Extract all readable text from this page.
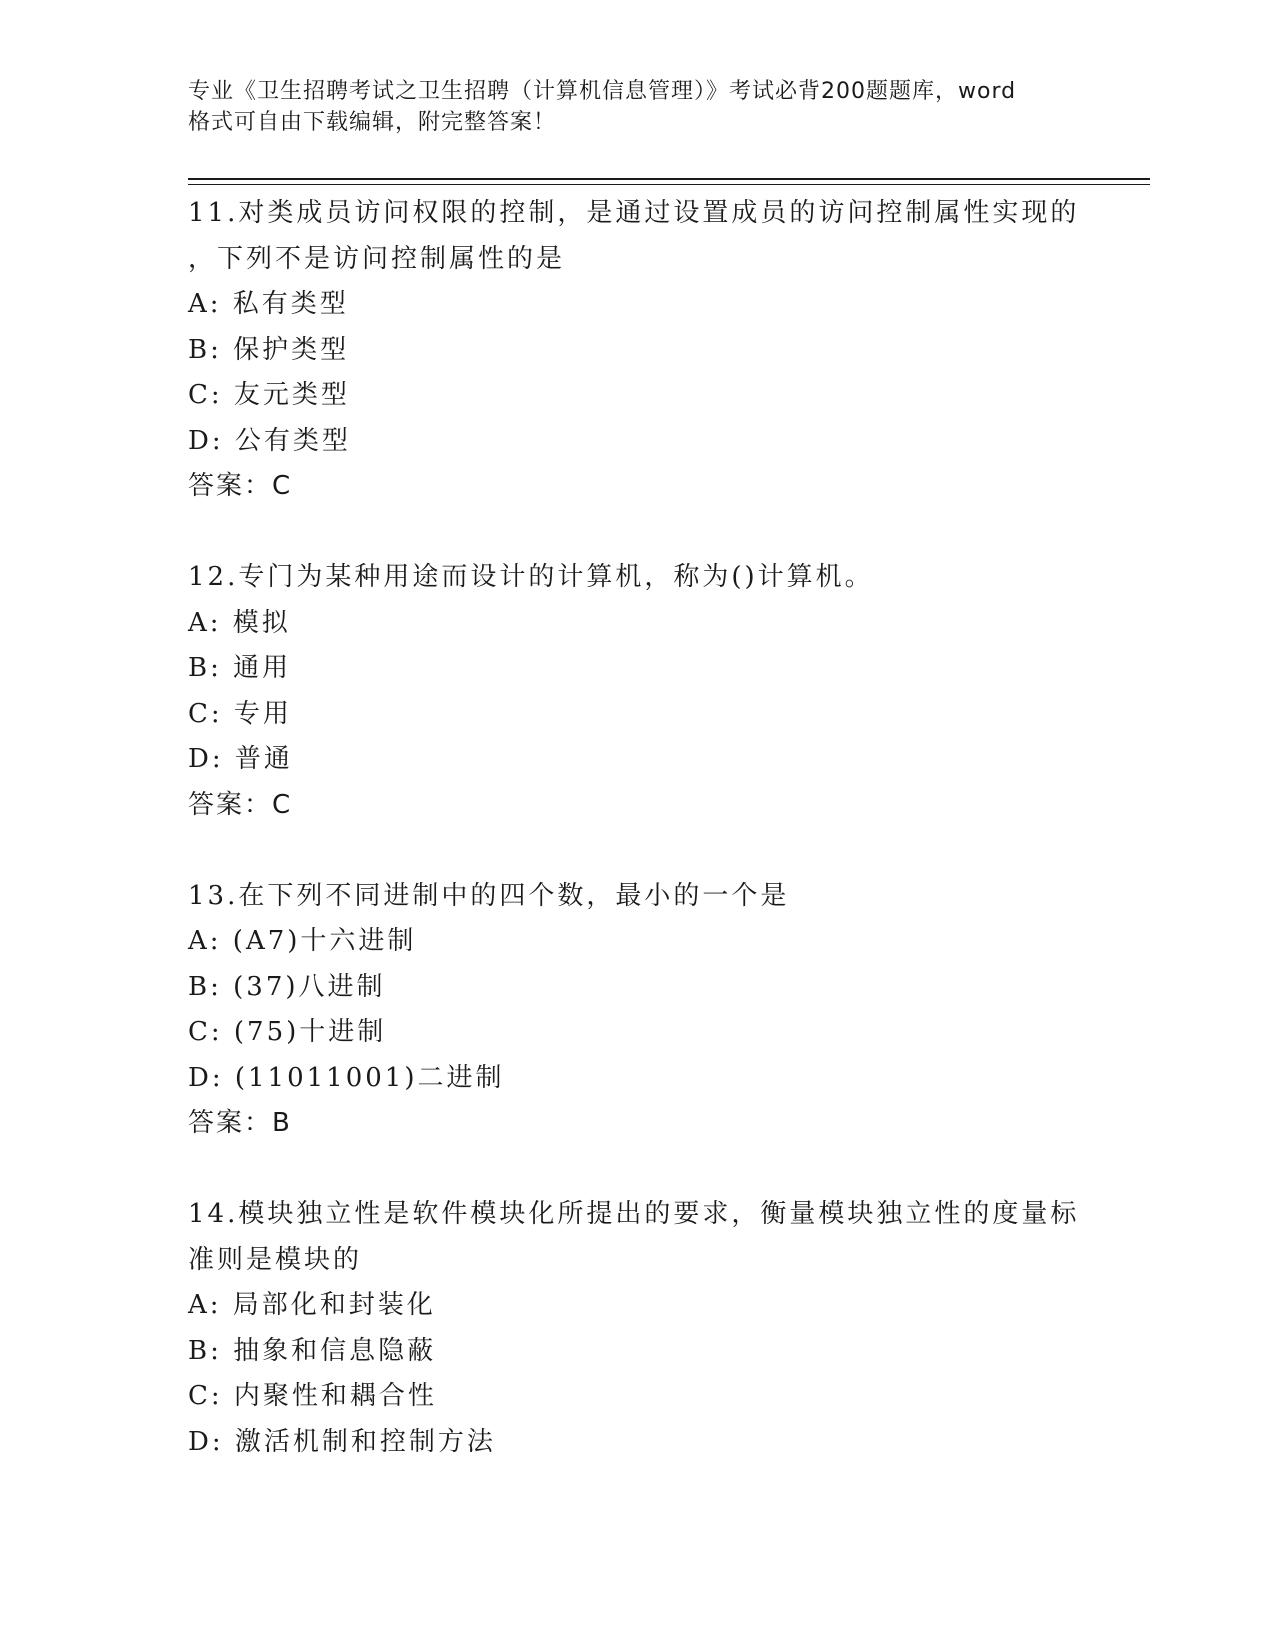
专业《卫生招聘考试之卫生招聘（计算机信息管理）》考试必背200题题库，word
格式可自由下载编辑，附完整答案！
11.对类成员访问权限的控制，是通过设置成员的访问控制属性实现的
，下列不是访问控制属性的是
A: 私有类型
B: 保护类型
C: 友元类型
D: 公有类型
答案：C
12.专门为某种用途而设计的计算机，称为()计算机。
A: 模拟
B: 通用
C: 专用
D: 普通
答案：C
13.在下列不同进制中的四个数，最小的一个是
A: (A7)十六进制
B: (37)八进制
C: (75)十进制
D: (11011001)二进制
答案：B
14.模块独立性是软件模块化所提出的要求，衡量模块独立性的度量标
准则是模块的
A: 局部化和封装化
B: 抽象和信息隐蔽
C: 内聚性和耦合性
D: 激活机制和控制方法
